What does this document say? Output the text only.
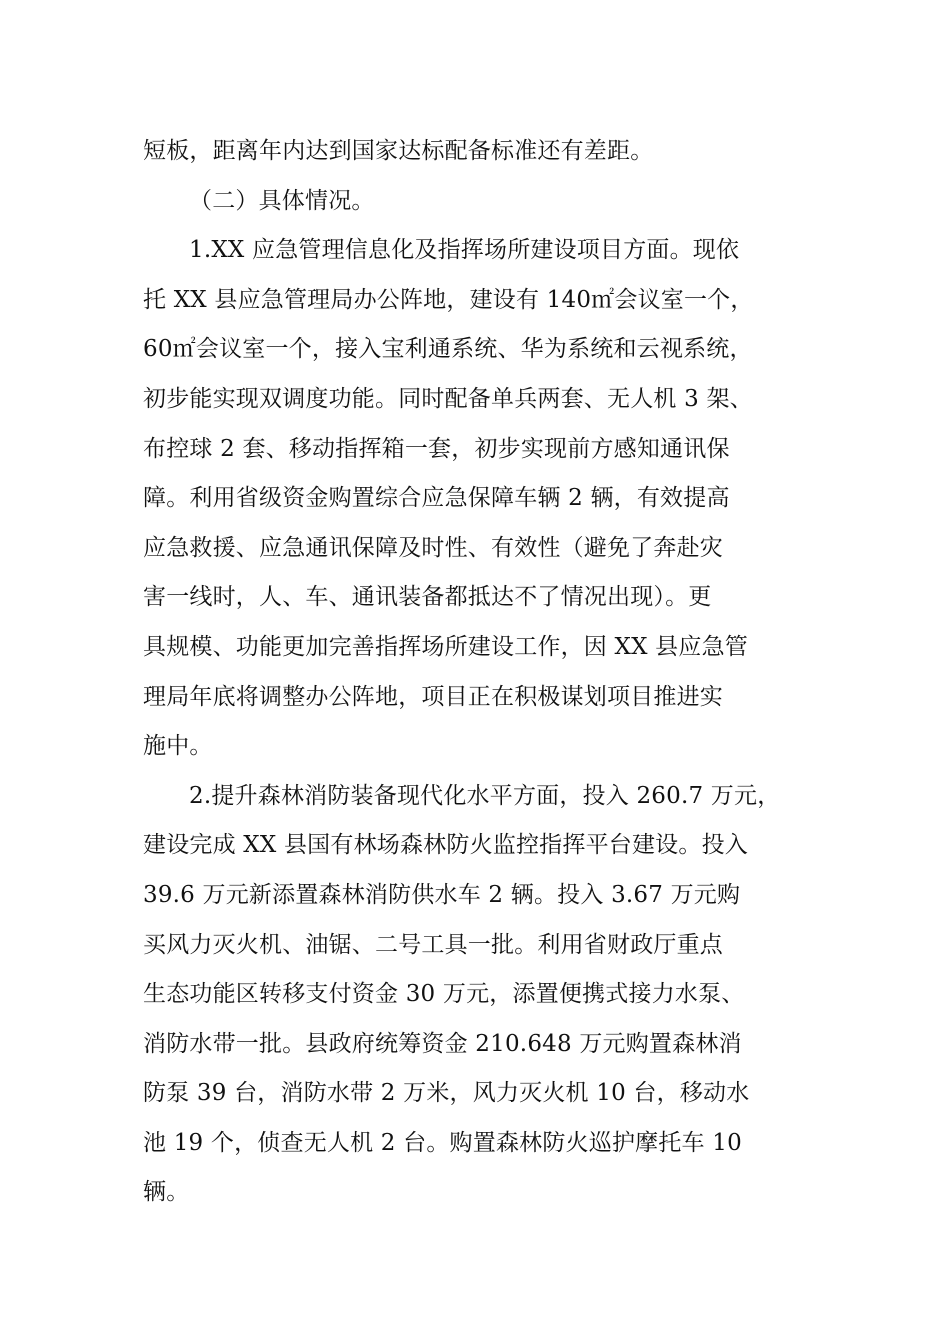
短板，距离年内达到国家达标配备标准还有差距。
（二）具体情况。
1.XX 应急管理信息化及指挥场所建设项目方面。现依
托 XX 县应急管理局办公阵地，建设有 140㎡会议室一个，
60㎡会议室一个，接入宝利通系统、华为系统和云视系统，
初步能实现双调度功能。同时配备单兵两套、无人机 3 架、
布控球 2 套、移动指挥箱一套，初步实现前方感知通讯保
障。利用省级资金购置综合应急保障车辆 2 辆，有效提高
应急救援、应急通讯保障及时性、有效性（避免了奔赴灾
害一线时，人、车、通讯装备都抵达不了情况出现）。更
具规模、功能更加完善指挥场所建设工作，因 XX 县应急管
理局年底将调整办公阵地，项目正在积极谋划项目推进实
施中。
2.提升森林消防装备现代化水平方面，投入 260.7 万元，
建设完成 XX 县国有林场森林防火监控指挥平台建设。投入
39.6 万元新添置森林消防供水车 2 辆。投入 3.67 万元购
买风力灭火机、油锯、二号工具一批。利用省财政厅重点
生态功能区转移支付资金 30 万元，添置便携式接力水泵、
消防水带一批。县政府统筹资金 210.648 万元购置森林消
防泵 39 台，消防水带 2 万米，风力灭火机 10 台，移动水
池 19 个，侦查无人机 2 台。购置森林防火巡护摩托车 10
辆。
